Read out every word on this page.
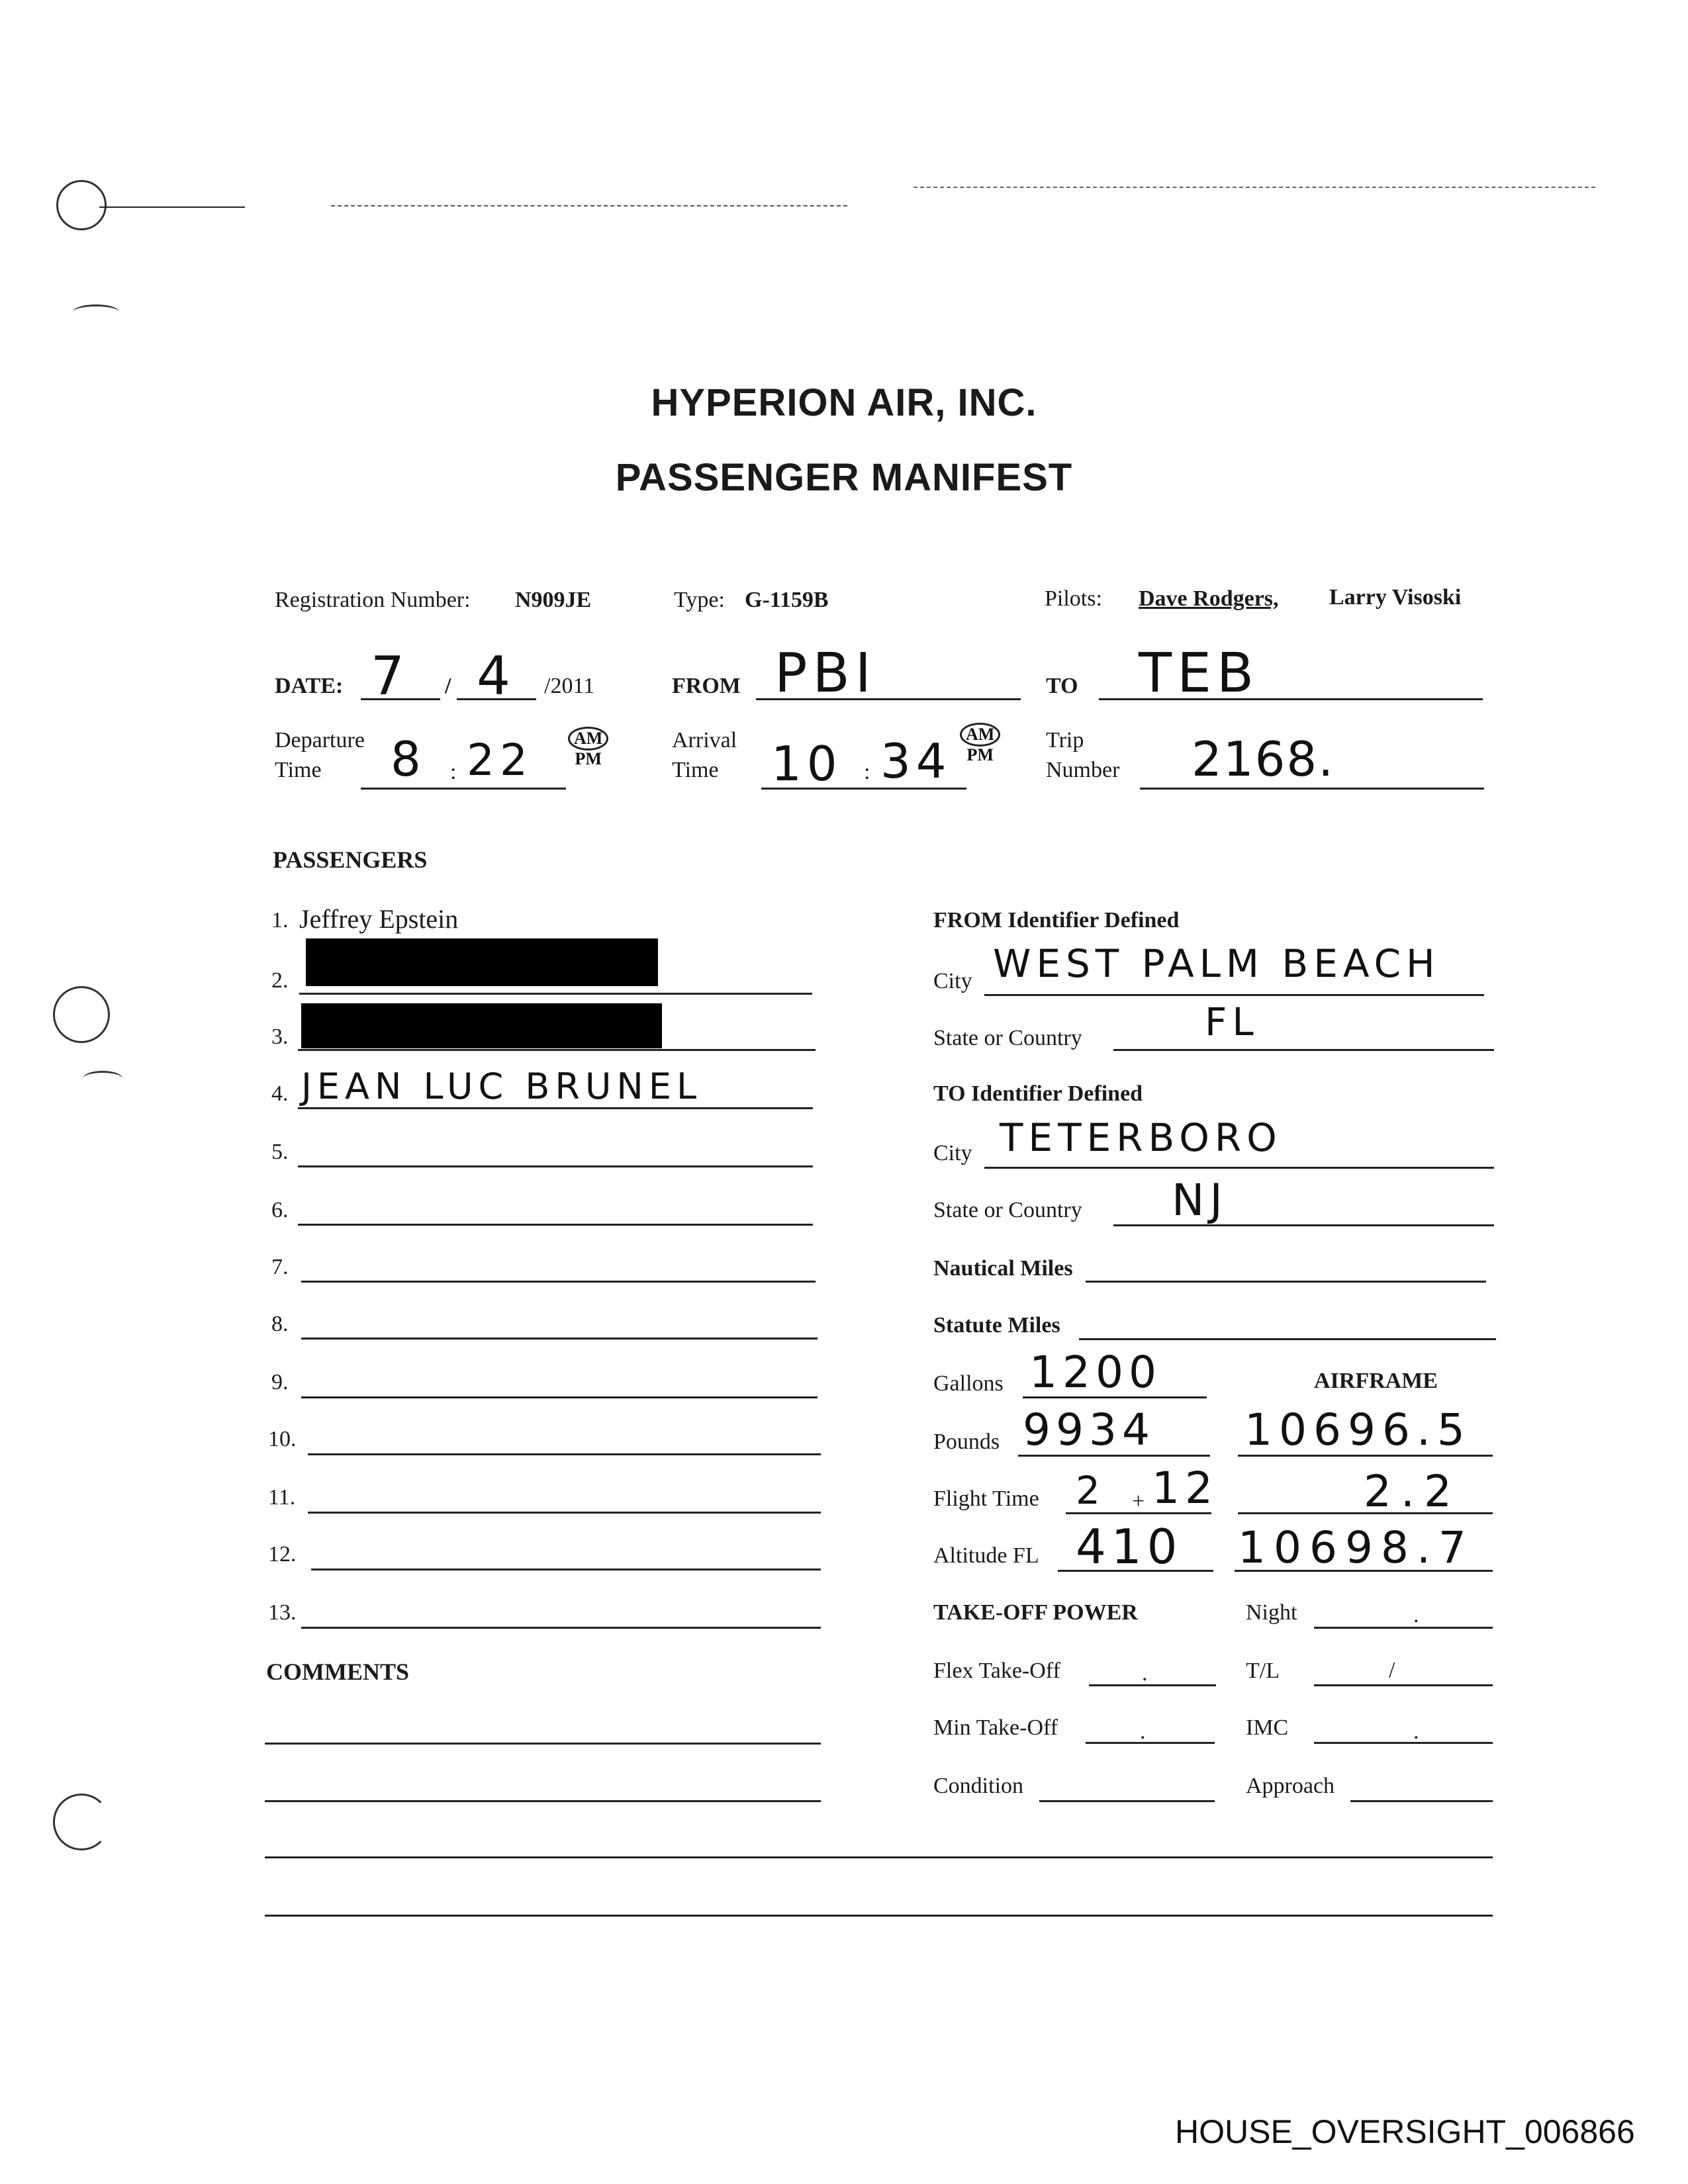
HYPERION AIR, INC.
PASSENGER MANIFEST
Registration Number: N909JE	Type: G-1159B	Pilots: Dave Rodgers, Larry Visoski
DATE: 7 / 4 /2011	FROM PBI	TO TEB
Departure
Time 8 : 22	AM
PM
Arrival
Time 10 : 34 AM
PM
Trip
Number 2168.
PASSENGERS
1. Jeffrey Epstein
2.
3.
4. JEAN LUC BRUNEL
5.
6.
7.
8.
9.
10.
11.
12.
13.
COMMENTS
FROM Identifier Defined
City WEST PALM BEACH
State or Country	FL
TO Identifier Defined
City TETERBORO
State or Country NJ
Nautical Miles
Statute Miles
Gallons 1200	AIRFRAME
Pounds 9934 10696.5
Flight Time 2 + 12	2.2
Altitude FL 410 10698.7
TAKE-OFF POWER	Night	.
Flex Take-Off	.	T/L	/
Min Take-Off	.	IMC	.
Condition	Approach
HOUSE_OVERSIGHT_006866
